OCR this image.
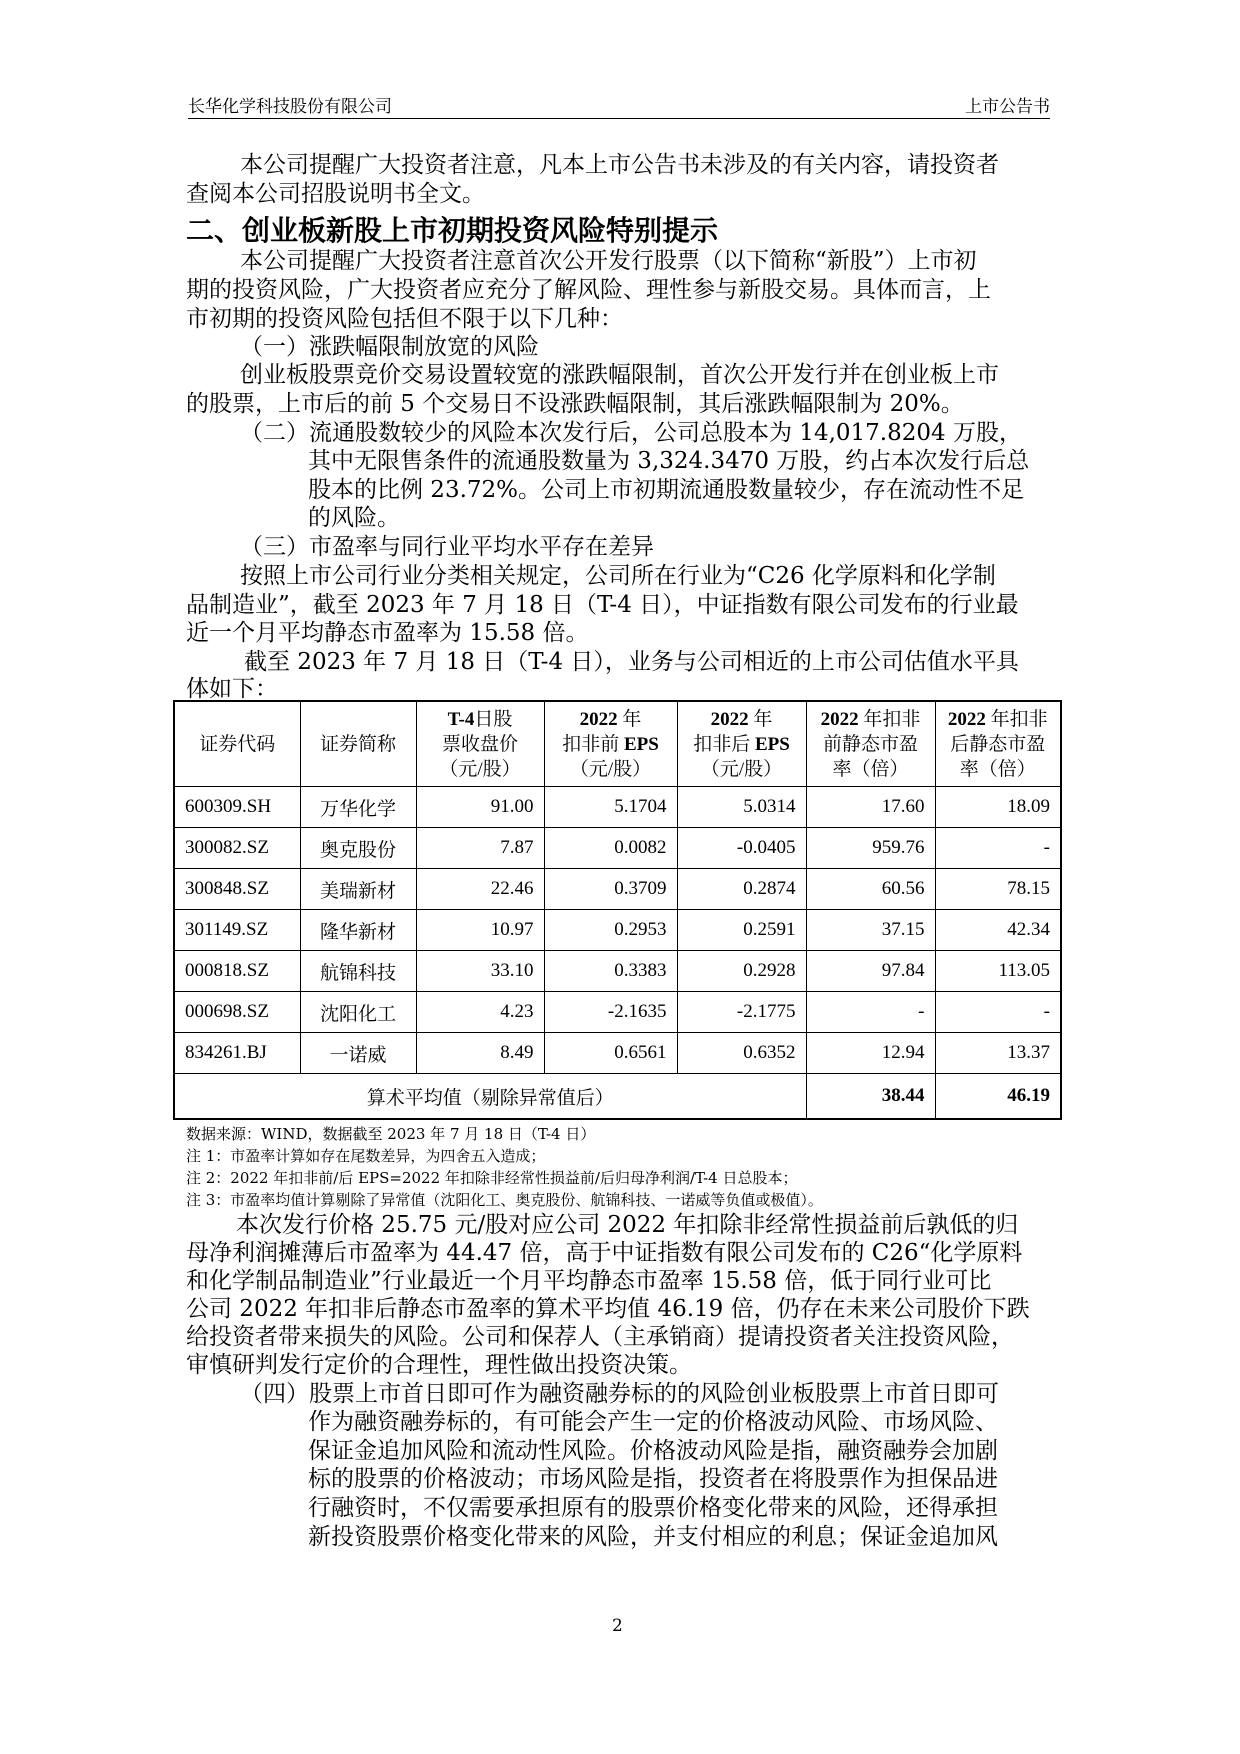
长华化学科技股份有限公司	上市公告书
本公司提醒广大投资者注意，凡本上市公告书未涉及的有关内容，请投资者
查阅本公司招股说明书全文。
二、创业板新股上市初期投资风险特别提示
本公司提醒广大投资者注意首次公开发行股票（以下简称“新股”）上市初
期的投资风险，广大投资者应充分了解风险、理性参与新股交易。具体而言，上
市初期的投资风险包括但不限于以下几种：
（一）涨跌幅限制放宽的风险
创业板股票竞价交易设置较宽的涨跌幅限制，首次公开发行并在创业板上市
的股票，上市后的前 5 个交易日不设涨跌幅限制，其后涨跌幅限制为 20%。
（二）流通股数较少的风险本次发行后，公司总股本为 14,017.8204 万股，
其中无限售条件的流通股数量为 3,324.3470 万股，约占本次发行后总
股本的比例 23.72%。公司上市初期流通股数量较少，存在流动性不足
的风险。
（三）市盈率与同行业平均水平存在差异
按照上市公司行业分类相关规定，公司所在行业为“C26 化学原料和化学制
品制造业”，截至 2023 年 7 月 18 日（T-4 日），中证指数有限公司发布的行业最
近一个月平均静态市盈率为 15.58 倍。
截至 2023 年 7 月 18 日（T-4 日），业务与公司相近的上市公司估值水平具
体如下：
证券代码	证券简称	T-4日股
票收盘价
（元/股）	2022 年
扣非前 EPS
（元/股）	2022 年
扣非后 EPS
（元/股）	2022 年扣非
前静态市盈
率（倍）	2022 年扣非
后静态市盈
率（倍）
600309.SH	万华化学	91.00	5.1704	5.0314	17.60	18.09
300082.SZ	奥克股份	7.87	0.0082	-0.0405	959.76	-
300848.SZ	美瑞新材	22.46	0.3709	0.2874	60.56	78.15
301149.SZ	隆华新材	10.97	0.2953	0.2591	37.15	42.34
000818.SZ	航锦科技	33.10	0.3383	0.2928	97.84	113.05
000698.SZ	沈阳化工	4.23	-2.1635	-2.1775	-	-
834261.BJ	一诺威	8.49	0.6561	0.6352	12.94	13.37
算术平均值（剔除异常值后）					38.44	46.19
数据来源：WIND，数据截至 2023 年 7 月 18 日（T-4 日）
注 1：市盈率计算如存在尾数差异，为四舍五入造成；
注 2：2022 年扣非前/后 EPS=2022 年扣除非经常性损益前/后归母净利润/T-4 日总股本；
注 3：市盈率均值计算剔除了异常值（沈阳化工、奥克股份、航锦科技、一诺威等负值或极值）。
本次发行价格 25.75 元/股对应公司 2022 年扣除非经常性损益前后孰低的归
母净利润摊薄后市盈率为 44.47 倍，高于中证指数有限公司发布的 C26“化学原料
和化学制品制造业”行业最近一个月平均静态市盈率 15.58 倍，低于同行业可比
公司 2022 年扣非后静态市盈率的算术平均值 46.19 倍，仍存在未来公司股价下跌
给投资者带来损失的风险。公司和保荐人（主承销商）提请投资者关注投资风险，
审慎研判发行定价的合理性，理性做出投资决策。
（四）股票上市首日即可作为融资融券标的的风险创业板股票上市首日即可
作为融资融券标的，有可能会产生一定的价格波动风险、市场风险、
保证金追加风险和流动性风险。价格波动风险是指，融资融券会加剧
标的股票的价格波动；市场风险是指，投资者在将股票作为担保品进
行融资时，不仅需要承担原有的股票价格变化带来的风险，还得承担
新投资股票价格变化带来的风险，并支付相应的利息；保证金追加风
2
